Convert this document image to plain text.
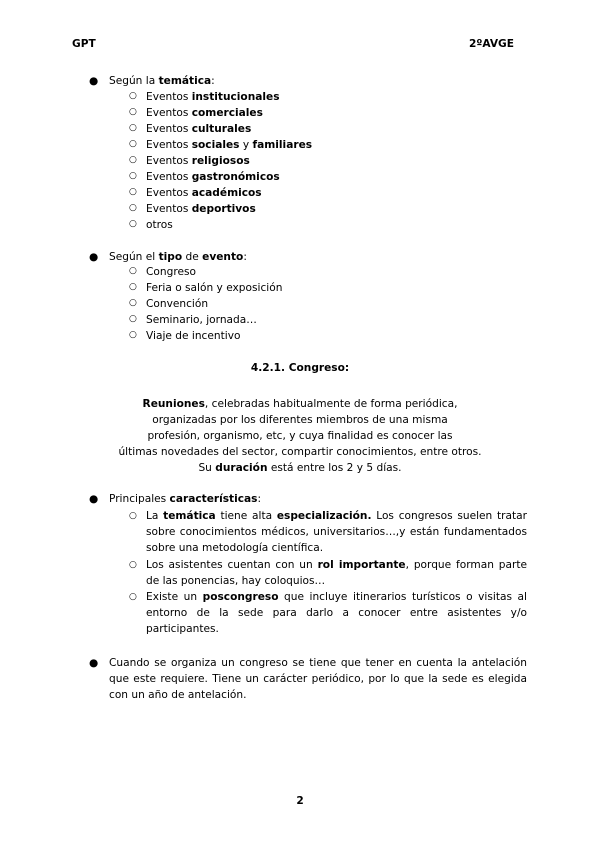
GPT	2ºAVGE
● Según la temática:
○ Eventos institucionales
○ Eventos comerciales
○ Eventos culturales
○ Eventos sociales y familiares
○ Eventos religiosos
○ Eventos gastronómicos
○ Eventos académicos
○ Eventos deportivos
○ otros
● Según el tipo de evento:
○ Congreso
○ Feria o salón y exposición
○ Convención
○ Seminario, jornada…
○ Viaje de incentivo
4.2.1. Congreso:
Reuniones, celebradas habitualmente de forma periódica,
organizadas por los diferentes miembros de una misma
profesión, organismo, etc, y cuya finalidad es conocer las
últimas novedades del sector, compartir conocimientos, entre otros.
Su duración está entre los 2 y 5 días.
● Principales características:
○ La temática tiene alta especialización. Los congresos suelen tratar sobre conocimientos médicos, universitarios…,y están fundamentados sobre una metodología científica.
○ Los asistentes cuentan con un rol importante, porque forman parte de las ponencias, hay coloquios…
○ Existe un poscongreso que incluye itinerarios turísticos o visitas al entorno de la sede para darlo a conocer entre asistentes y/o participantes.
● Cuando se organiza un congreso se tiene que tener en cuenta la antelación que este requiere. Tiene un carácter periódico, por lo que la sede es elegida con un año de antelación.
2
